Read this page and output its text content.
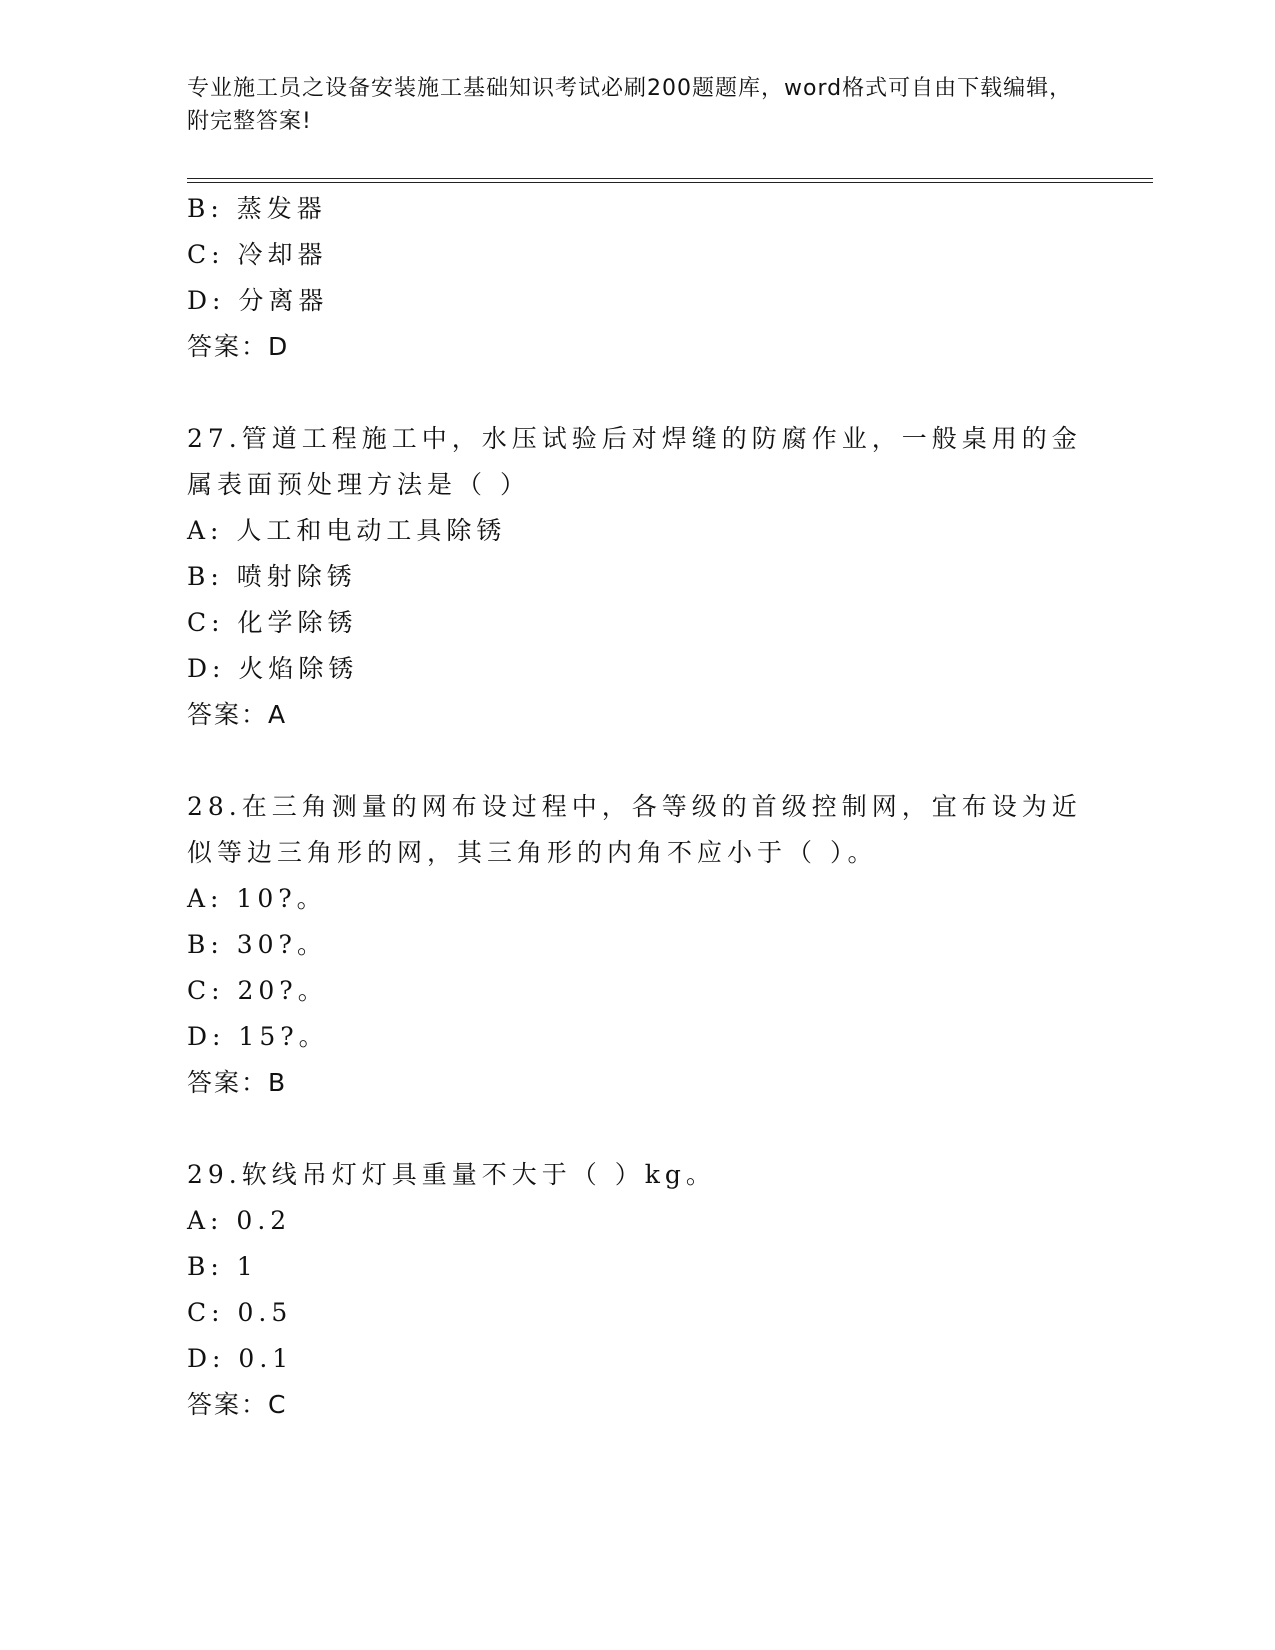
专业施工员之设备安装施工基础知识考试必刷200题题库，word格式可自由下载编辑，附完整答案!
B: 蒸发器
C: 冷却器
D: 分离器
答案：D
27.管道工程施工中，水压试验后对焊缝的防腐作业，一般桌用的金属表面预处理方法是（ ）
A: 人工和电动工具除锈
B: 喷射除锈
C: 化学除锈
D: 火焰除锈
答案：A
28.在三角测量的网布设过程中，各等级的首级控制网，宜布设为近似等边三角形的网，其三角形的内角不应小于（ ）。
A: 10?。
B: 30?。
C: 20?。
D: 15?。
答案：B
29.软线吊灯灯具重量不大于（ ）kg。
A: 0.2
B: 1
C: 0.5
D: 0.1
答案：C
